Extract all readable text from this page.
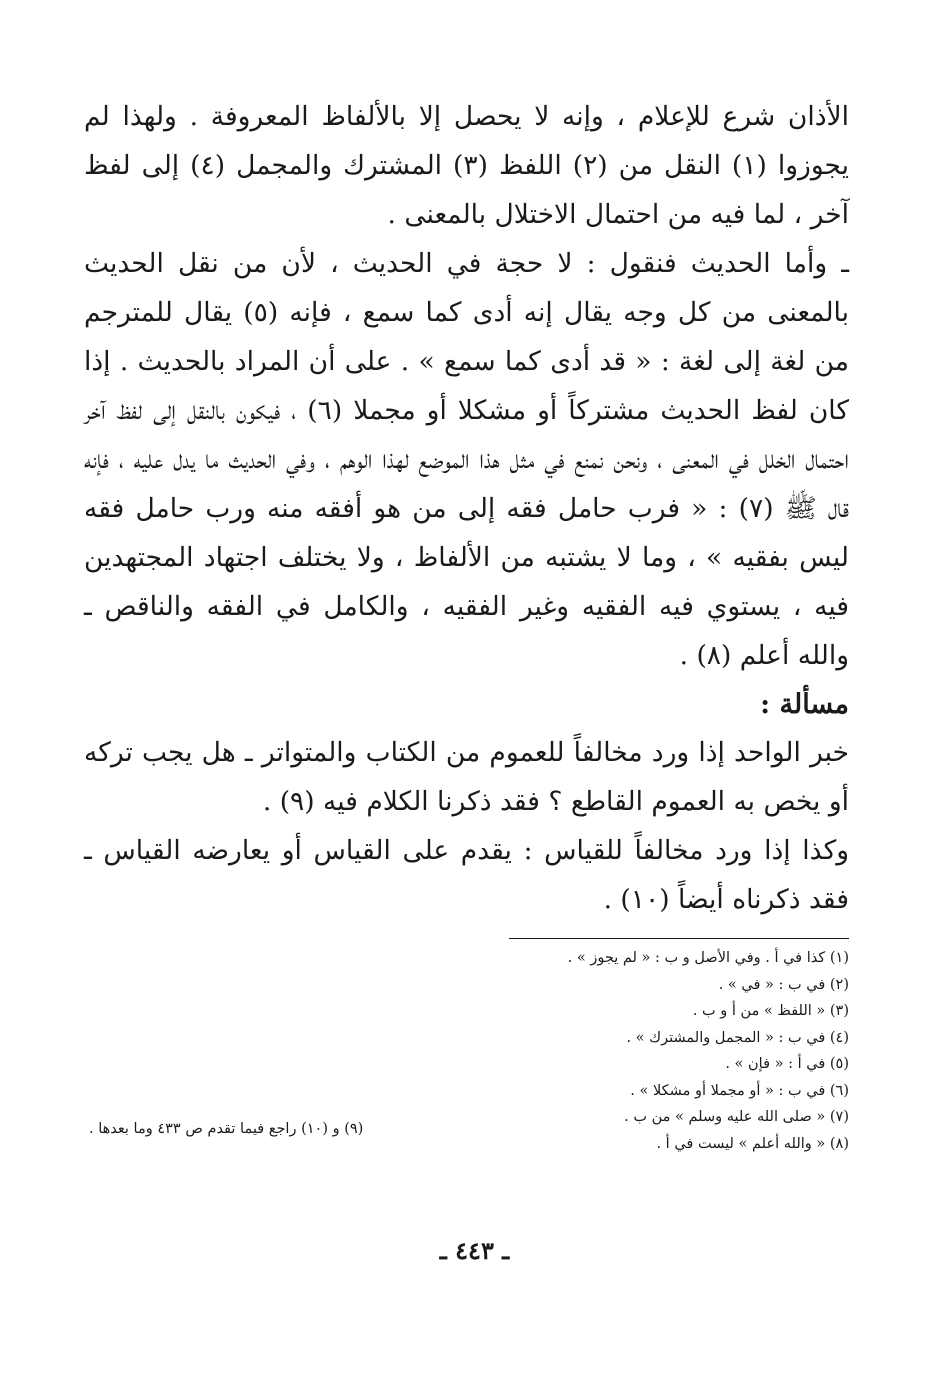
الأذان شرع للإعلام ، وإنه لا يحصل إلا بالألفاظ المعروفة . ولهذا لم يجوزوا (١) النقل من (٢) اللفظ (٣) المشترك والمجمل (٤) إلى لفظ آخر ، لما فيه من احتمال الاختلال بالمعنى .

ـ وأما الحديث فنقول : لا حجة في الحديث ، لأن من نقل الحديث بالمعنى من كل وجه يقال إنه أدى كما سمع ، فإنه (٥) يقال للمترجم من لغة إلى لغة : « قد أدى كما سمع » . على أن المراد بالحديث . إذا كان لفظ الحديث مشتركاً أو مشكلا أو مجملا (٦) ، فيكون بالنقل إلى لفظ آخر احتمال الخلل في المعنى ، ونحن نمنع في مثل هذا الموضع لهذا الوهم ، وفي الحديث ما يدل عليه ، فإنه قال ﷺ (٧) : « فرب حامل فقه إلى من هو أفقه منه ورب حامل فقه ليس بفقيه » ، وما لا يشتبه من الألفاظ ، ولا يختلف اجتهاد المجتهدين فيه ، يستوي فيه الفقيه وغير الفقيه ، والكامل في الفقه والناقص ـ والله أعلم (٨) .

مسألة :

خبر الواحد إذا ورد مخالفاً للعموم من الكتاب والمتواتر ـ هل يجب تركه أو يخص به العموم القاطع ؟ فقد ذكرنا الكلام فيه (٩) .

وكذا إذا ورد مخالفاً للقياس : يقدم على القياس أو يعارضه القياس ـ فقد ذكرناه أيضاً (١٠) .

(١) كذا في أ . وفي الأصل و ب : « لم يجوز » .

(٢) في ب : « في » .

(٣) « اللفظ » من أ و ب .

(٤) في ب : « المجمل والمشترك » .

(٥) في أ : « فإن » .

(٦) في ب : « أو مجملا أو مشكلا » .

(٧) « صلى الله عليه وسلم » من ب .

(٨) « والله أعلم » ليست في أ .

(٩) و (١٠) راجع فيما تقدم ص ٤٣٣ وما بعدها .

ـ ٤٤٣ ـ
